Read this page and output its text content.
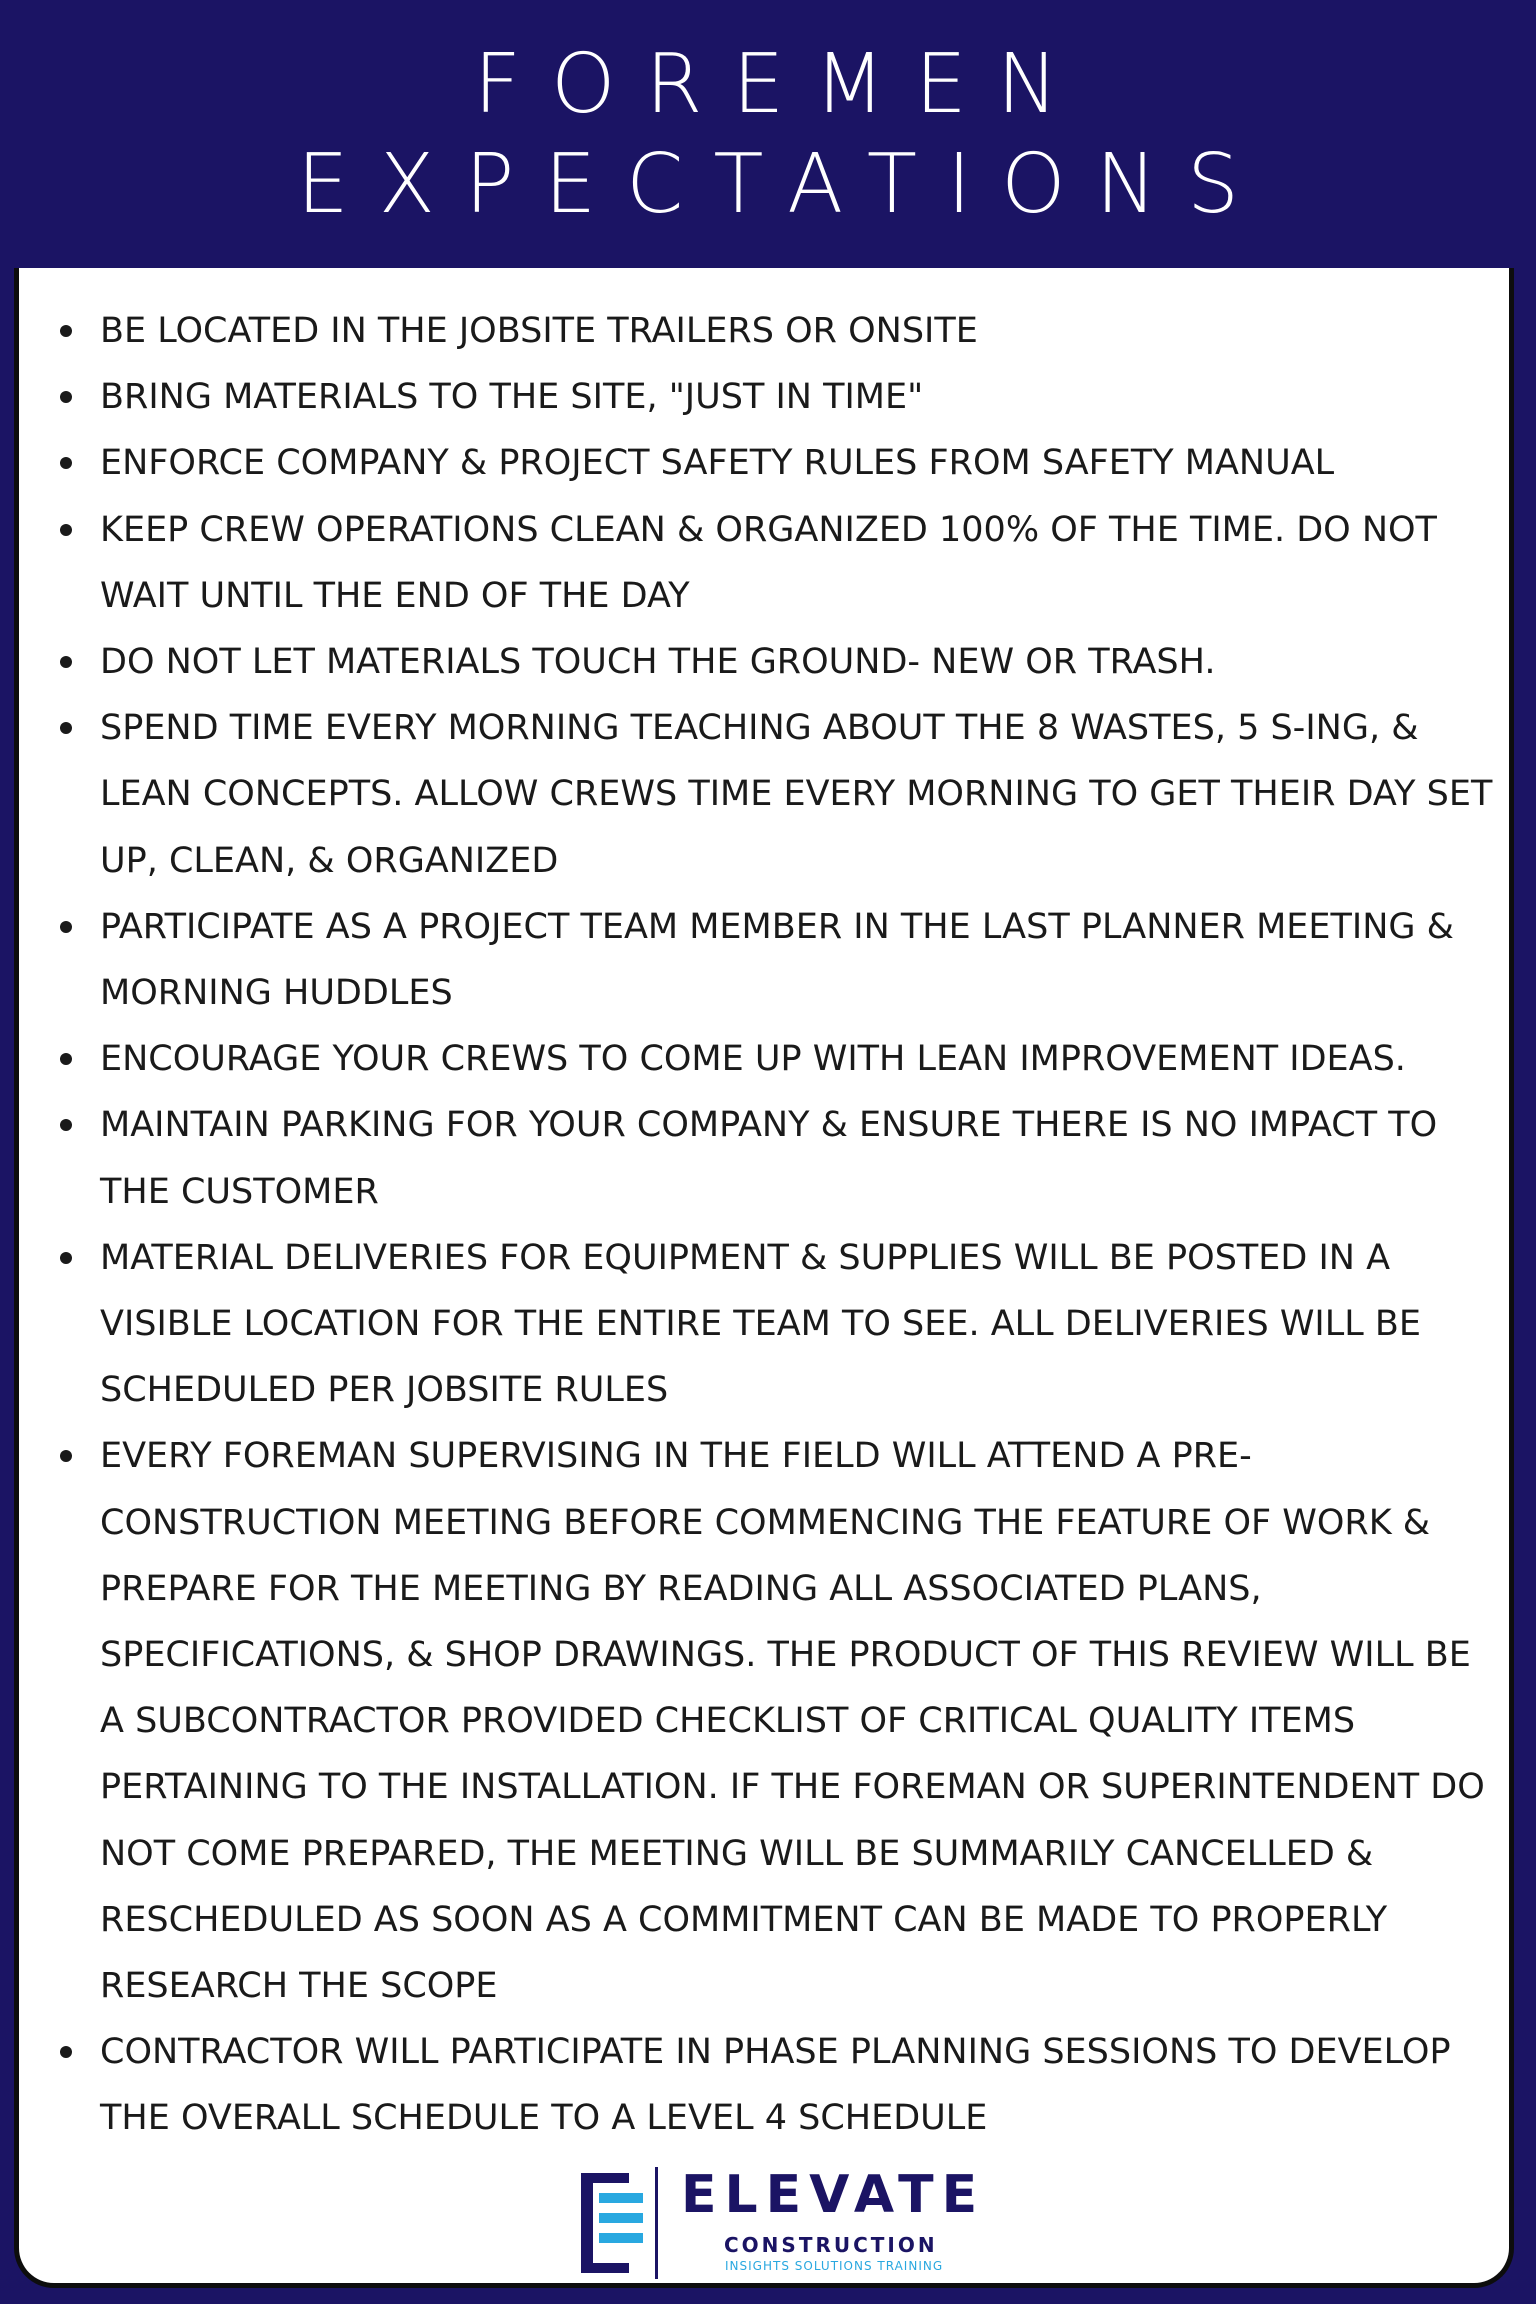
FOREMEN
EXPECTATIONS
BE LOCATED IN THE JOBSITE TRAILERS OR ONSITE
BRING MATERIALS TO THE SITE, "JUST IN TIME"
ENFORCE COMPANY & PROJECT SAFETY RULES FROM SAFETY MANUAL
KEEP CREW OPERATIONS CLEAN & ORGANIZED 100% OF THE TIME. DO NOT WAIT UNTIL THE END OF THE DAY
DO NOT LET MATERIALS TOUCH THE GROUND- NEW OR TRASH.
SPEND TIME EVERY MORNING TEACHING ABOUT THE 8 WASTES, 5 S-ING, & LEAN CONCEPTS. ALLOW CREWS TIME EVERY MORNING TO GET THEIR DAY SET UP, CLEAN, & ORGANIZED
PARTICIPATE AS A PROJECT TEAM MEMBER IN THE LAST PLANNER MEETING & MORNING HUDDLES
ENCOURAGE YOUR CREWS TO COME UP WITH LEAN IMPROVEMENT IDEAS.
MAINTAIN PARKING FOR YOUR COMPANY & ENSURE THERE IS NO IMPACT TO THE CUSTOMER
MATERIAL DELIVERIES FOR EQUIPMENT & SUPPLIES WILL BE POSTED IN A VISIBLE LOCATION FOR THE ENTIRE TEAM TO SEE. ALL DELIVERIES WILL BE SCHEDULED PER JOBSITE RULES
EVERY FOREMAN SUPERVISING IN THE FIELD WILL ATTEND A PRE-CONSTRUCTION MEETING BEFORE COMMENCING THE FEATURE OF WORK & PREPARE FOR THE MEETING BY READING ALL ASSOCIATED PLANS, SPECIFICATIONS, & SHOP DRAWINGS. THE PRODUCT OF THIS REVIEW WILL BE A SUBCONTRACTOR PROVIDED CHECKLIST OF CRITICAL QUALITY ITEMS PERTAINING TO THE INSTALLATION. IF THE FOREMAN OR SUPERINTENDENT DO NOT COME PREPARED, THE MEETING WILL BE SUMMARILY CANCELLED & RESCHEDULED AS SOON AS A COMMITMENT CAN BE MADE TO PROPERLY RESEARCH THE SCOPE
CONTRACTOR WILL PARTICIPATE IN PHASE PLANNING SESSIONS TO DEVELOP THE OVERALL SCHEDULE TO A LEVEL 4 SCHEDULE
ELEVATE
CONSTRUCTION
INSIGHTS SOLUTIONS TRAINING
